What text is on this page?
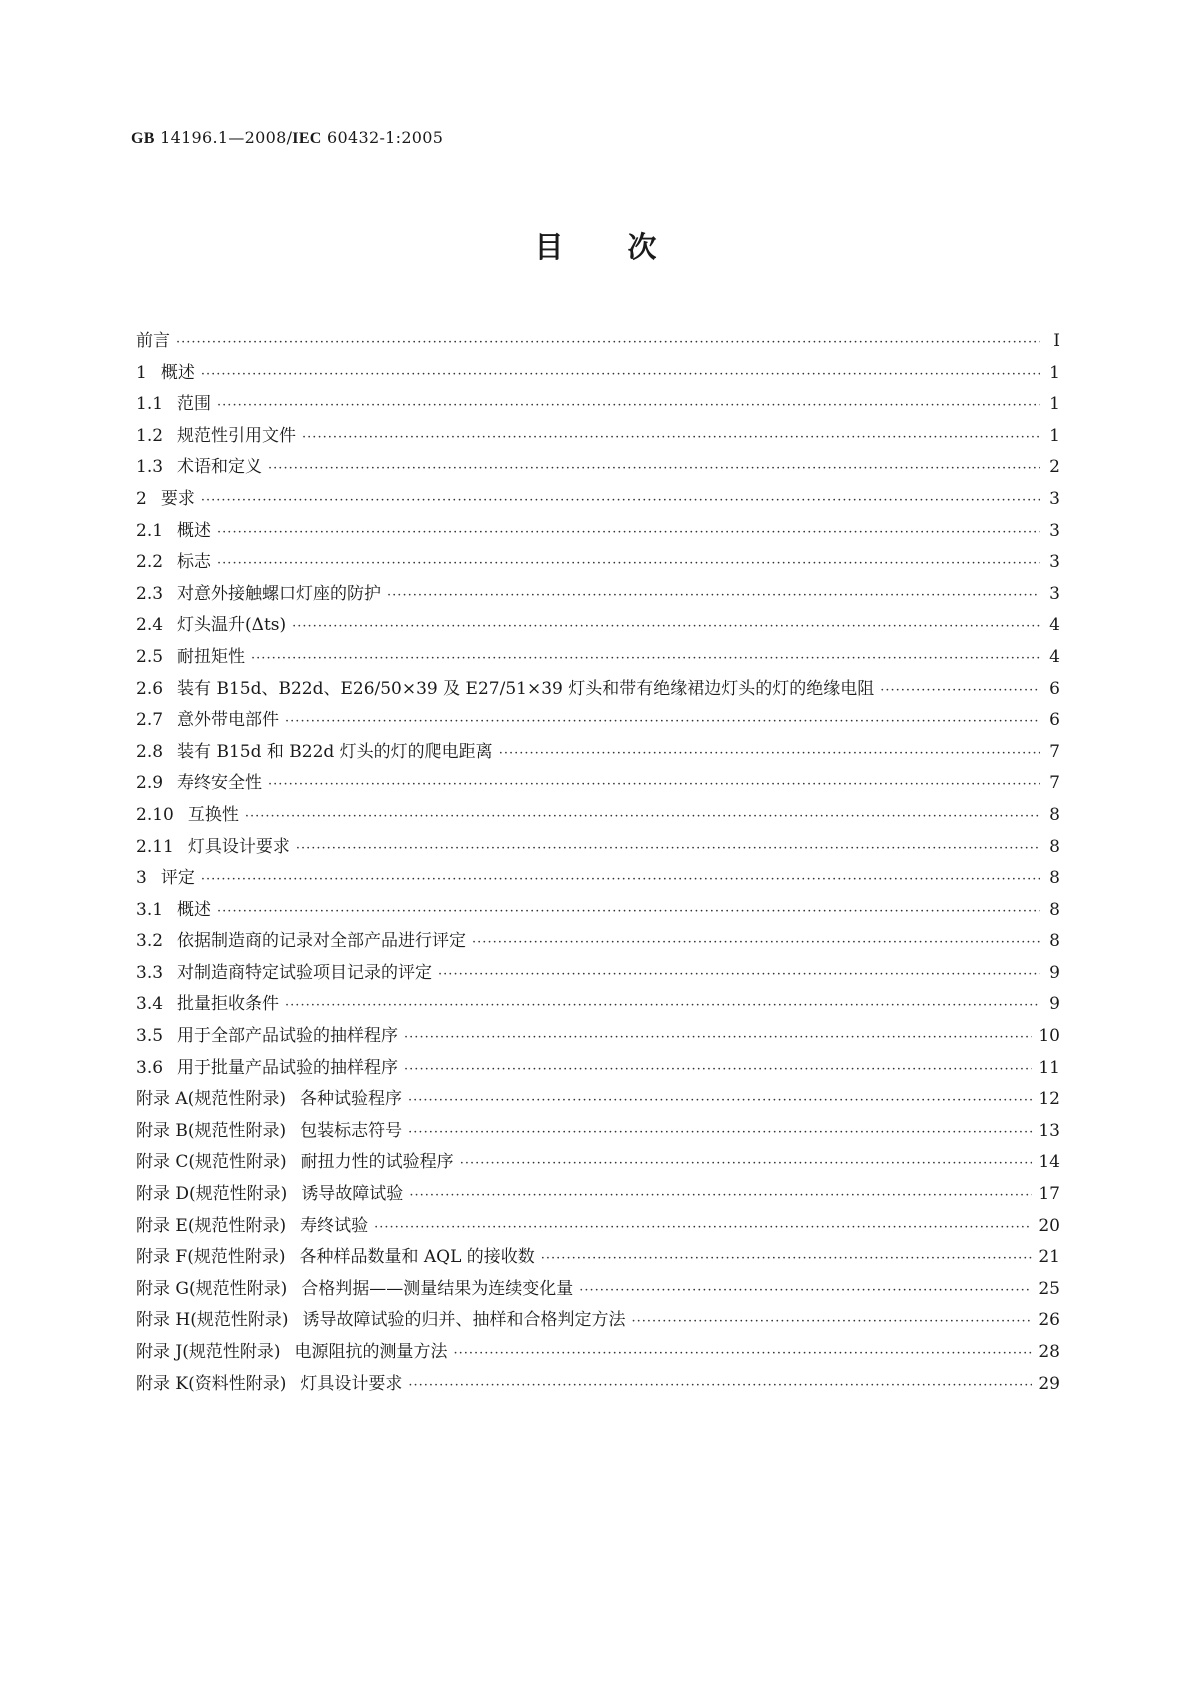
GB 14196.1—2008/IEC 60432-1:2005
目 次
前言 ·····	Ⅰ
1 概述 ·····	1
1.1 范围 ·····	1
1.2 规范性引用文件 ·····	1
1.3 术语和定义 ·····	2
2 要求 ·····	3
2.1 概述 ·····	3
2.2 标志 ·····	3
2.3 对意外接触螺口灯座的防护 ·····	3
2.4 灯头温升(Δts) ·····	4
2.5 耐扭矩性 ·····	4
2.6 装有 B15d、B22d、E26/50×39 及 E27/51×39 灯头和带有绝缘裙边灯头的灯的绝缘电阻 ·····	6
2.7 意外带电部件 ·····	6
2.8 装有 B15d 和 B22d 灯头的灯的爬电距离 ·····	7
2.9 寿终安全性 ·····	7
2.10 互换性 ·····	8
2.11 灯具设计要求 ·····	8
3 评定 ·····	8
3.1 概述 ·····	8
3.2 依据制造商的记录对全部产品进行评定 ·····	8
3.3 对制造商特定试验项目记录的评定 ·····	9
3.4 批量拒收条件 ·····	9
3.5 用于全部产品试验的抽样程序 ·····	10
3.6 用于批量产品试验的抽样程序 ·····	11
附录 A(规范性附录) 各种试验程序 ·····	12
附录 B(规范性附录) 包装标志符号 ·····	13
附录 C(规范性附录) 耐扭力性的试验程序 ·····	14
附录 D(规范性附录) 诱导故障试验 ·····	17
附录 E(规范性附录) 寿终试验 ·····	20
附录 F(规范性附录) 各种样品数量和 AQL 的接收数 ·····	21
附录 G(规范性附录) 合格判据——测量结果为连续变化量 ·····	25
附录 H(规范性附录) 诱导故障试验的归并、抽样和合格判定方法 ·····	26
附录 J(规范性附录) 电源阻抗的测量方法 ·····	28
附录 K(资料性附录) 灯具设计要求 ·····	29
